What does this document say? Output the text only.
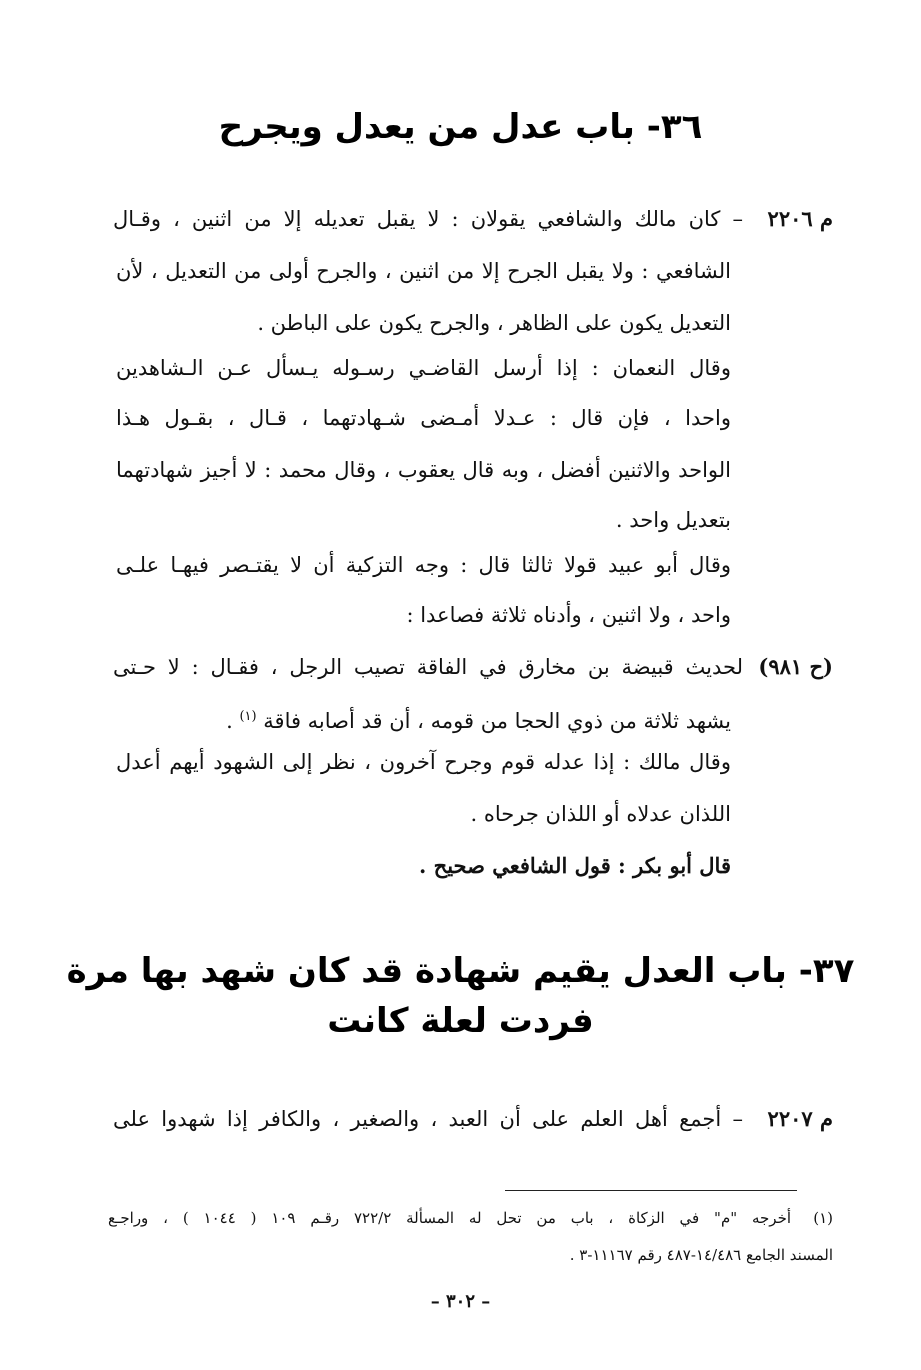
٣٦- باب عدل من يعدل ويجرح
م ٢٢٠٦
– كان مالك والشافعي يقولان : لا يقبل تعديله إلا من اثنين ، وقـال
الشافعي : ولا يقبل الجرح إلا من اثنين ، والجرح أولى من التعديل ، لأن
التعديل يكون على الظاهر ، والجرح يكون على الباطن .
وقال النعمان : إذا أرسل القاضـي رسـوله يـسأل عـن الـشاهدين
واحدا ، فإن قال : عـدلا أمـضى شـهادتهما ، قـال ، بقـول هـذا
الواحد والاثنين أفضل ، وبه قال يعقوب ، وقال محمد : لا أجيز شهادتهما
بتعديل واحد .
وقال أبو عبيد قولا ثالثا قال : وجه التزكية أن لا يقتـصر فيهـا علـى
واحد ، ولا اثنين ، وأدناه ثلاثة فصاعدا :
(ح ٩٨١)
لحديث قبيضة بن مخارق في الفاقة تصيب الرجل ، فقـال : لا حـتى
يشهد ثلاثة من ذوي الحجا من قومه ، أن قد أصابه فاقة $^{(١)}$ .
وقال مالك : إذا عدله قوم وجرح آخرون ، نظر إلى الشهود أيهم أعدل
اللذان عدلاه أو اللذان جرحاه .
قال أبو بكر : قول الشافعي صحيح .
٣٧- باب العدل يقيم شهادة قد كان شهد بها مرة
فردت لعلة كانت
م ٢٢٠٧
– أجمع أهل العلم على أن العبد ، والصغير ، والكافر إذا شهدوا على
(١)
أخرجه "م" في الزكاة ، باب من تحل له المسألة ٧٢٢/٢ رقـم ١٠٩ ( ١٠٤٤ ) ، وراجـع
المسند الجامع ١٤/٤٨٦-٤٨٧ رقم ١١١٦٧-٣ .
– ٣٠٢ –
